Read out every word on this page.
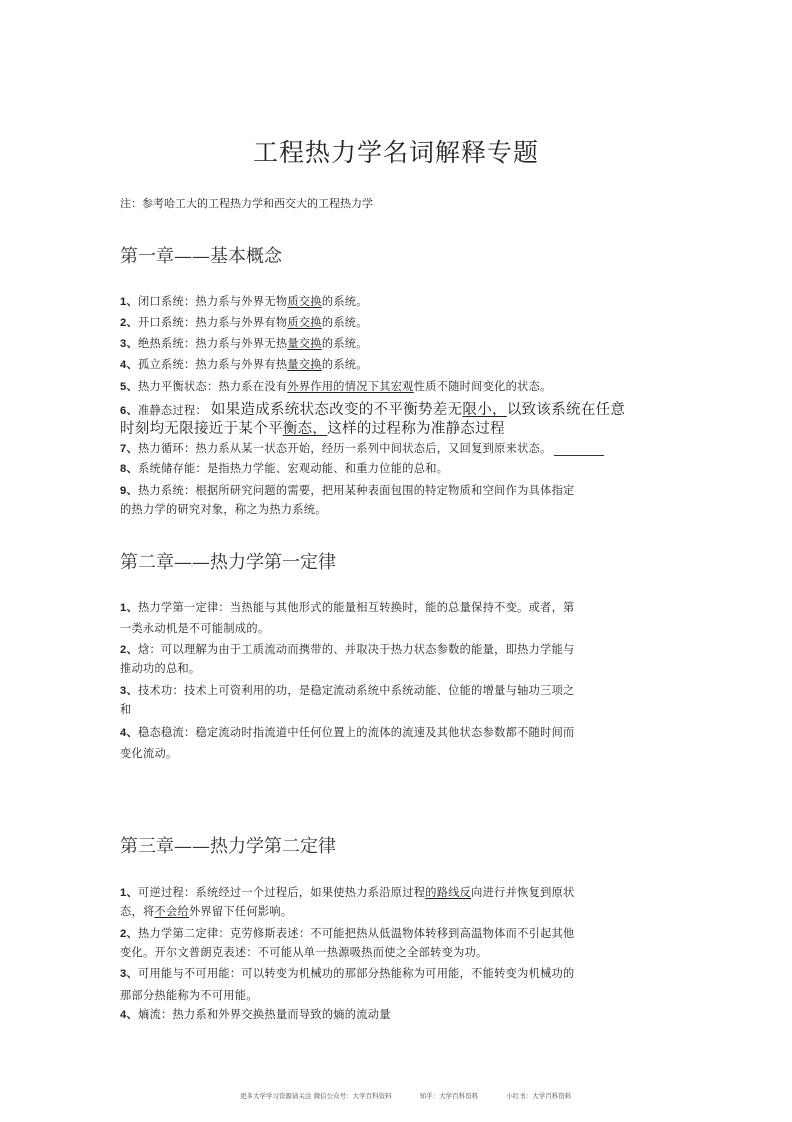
工程热力学名词解释专题
注：参考哈工大的工程热力学和西交大的工程热力学
第一章——基本概念
1、闭口系统：热力系与外界无物质交换的系统。
2、开口系统：热力系与外界有物质交换的系统。
3、绝热系统：热力系与外界无热量交换的系统。
4、孤立系统：热力系与外界有热量交换的系统。
5、热力平衡状态：热力系在没有外界作用的情况下其宏观性质不随时间变化的状态。
6、准静态过程： 如果造成系统状态改变的不平衡势差无限小，以致该系统在任意
时刻均无限接近于某个平衡态，这样的过程称为准静态过程
7、热力循环：热力系从某一状态开始，经历一系列中间状态后，又回复到原来状态。
8、系统储存能：是指热力学能、宏观动能、和重力位能的总和。
9、热力系统：根据所研究问题的需要，把用某种表面包围的特定物质和空间作为具体指定
的热力学的研究对象，称之为热力系统。
第二章——热力学第一定律
1、热力学第一定律：当热能与其他形式的能量相互转换时，能的总量保持不变。或者，第
一类永动机是不可能制成的。
2、焓：可以理解为由于工质流动而携带的、并取决于热力状态参数的能量，即热力学能与
推动功的总和。
3、技术功：技术上可资利用的功，是稳定流动系统中系统动能、位能的增量与轴功三项之
和
4、稳态稳流：稳定流动时指流道中任何位置上的流体的流速及其他状态参数都不随时间而
变化流动。
第三章——热力学第二定律
1、可逆过程：系统经过一个过程后，如果使热力系沿原过程的路线反向进行并恢复到原状
态，将不会给外界留下任何影响。
2、热力学第二定律：克劳修斯表述：不可能把热从低温物体转移到高温物体而不引起其他
变化。开尔文普朗克表述：不可能从单一热源吸热而使之全部转变为功。
3、可用能与不可用能：可以转变为机械功的那部分热能称为可用能，不能转变为机械功的
那部分热能称为不可用能。
4、熵流：热力系和外界交换热量而导致的熵的流动量
更多大学学习资源请关注 微信公众号：大学百科资料	知乎：大学百科资料	小红书：大学百科资料
